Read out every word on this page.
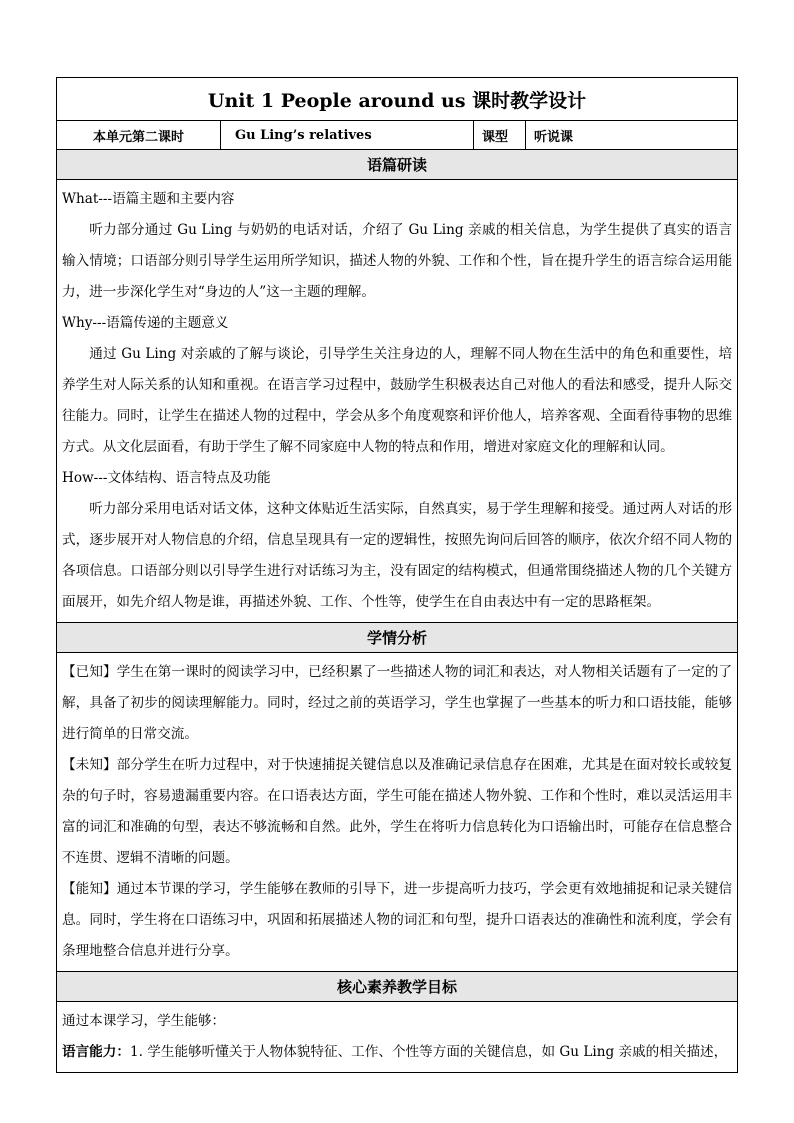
Unit 1 People around us 课时教学设计
本单元第二课时	Gu Ling’s relatives	课型	听说课
语篇研读

What---语篇主题和主要内容

听力部分通过 Gu Ling 与奶奶的电话对话，介绍了 Gu Ling 亲戚的相关信息，为学生提供了真实的语言输入情境；口语部分则引导学生运用所学知识，描述人物的外貌、工作和个性，旨在提升学生的语言综合运用能力，进一步深化学生对“身边的人”这一主题的理解。

Why---语篇传递的主题意义

通过 Gu Ling 对亲戚的了解与谈论，引导学生关注身边的人，理解不同人物在生活中的角色和重要性，培养学生对人际关系的认知和重视。在语言学习过程中，鼓励学生积极表达自己对他人的看法和感受，提升人际交往能力。同时，让学生在描述人物的过程中，学会从多个角度观察和评价他人，培养客观、全面看待事物的思维方式。从文化层面看，有助于学生了解不同家庭中人物的特点和作用，增进对家庭文化的理解和认同。

How---文体结构、语言特点及功能

听力部分采用电话对话文体，这种文体贴近生活实际，自然真实，易于学生理解和接受。通过两人对话的形式，逐步展开对人物信息的介绍，信息呈现具有一定的逻辑性，按照先询问后回答的顺序，依次介绍不同人物的各项信息。口语部分则以引导学生进行对话练习为主，没有固定的结构模式，但通常围绕描述人物的几个关键方面展开，如先介绍人物是谁，再描述外貌、工作、个性等，使学生在自由表达中有一定的思路框架。

学情分析

【已知】学生在第一课时的阅读学习中，已经积累了一些描述人物的词汇和表达，对人物相关话题有了一定的了解，具备了初步的阅读理解能力。同时，经过之前的英语学习，学生也掌握了一些基本的听力和口语技能，能够进行简单的日常交流。

【未知】部分学生在听力过程中，对于快速捕捉关键信息以及准确记录信息存在困难，尤其是在面对较长或较复杂的句子时，容易遗漏重要内容。在口语表达方面，学生可能在描述人物外貌、工作和个性时，难以灵活运用丰富的词汇和准确的句型，表达不够流畅和自然。此外，学生在将听力信息转化为口语输出时，可能存在信息整合不连贯、逻辑不清晰的问题。

【能知】通过本节课的学习，学生能够在教师的引导下，进一步提高听力技巧，学会更有效地捕捉和记录关键信息。同时，学生将在口语练习中，巩固和拓展描述人物的词汇和句型，提升口语表达的准确性和流利度，学会有条理地整合信息并进行分享。

核心素养教学目标

通过本课学习，学生能够：

语言能力：1. 学生能够听懂关于人物体貌特征、工作、个性等方面的关键信息，如 Gu Ling 亲戚的相关描述，
